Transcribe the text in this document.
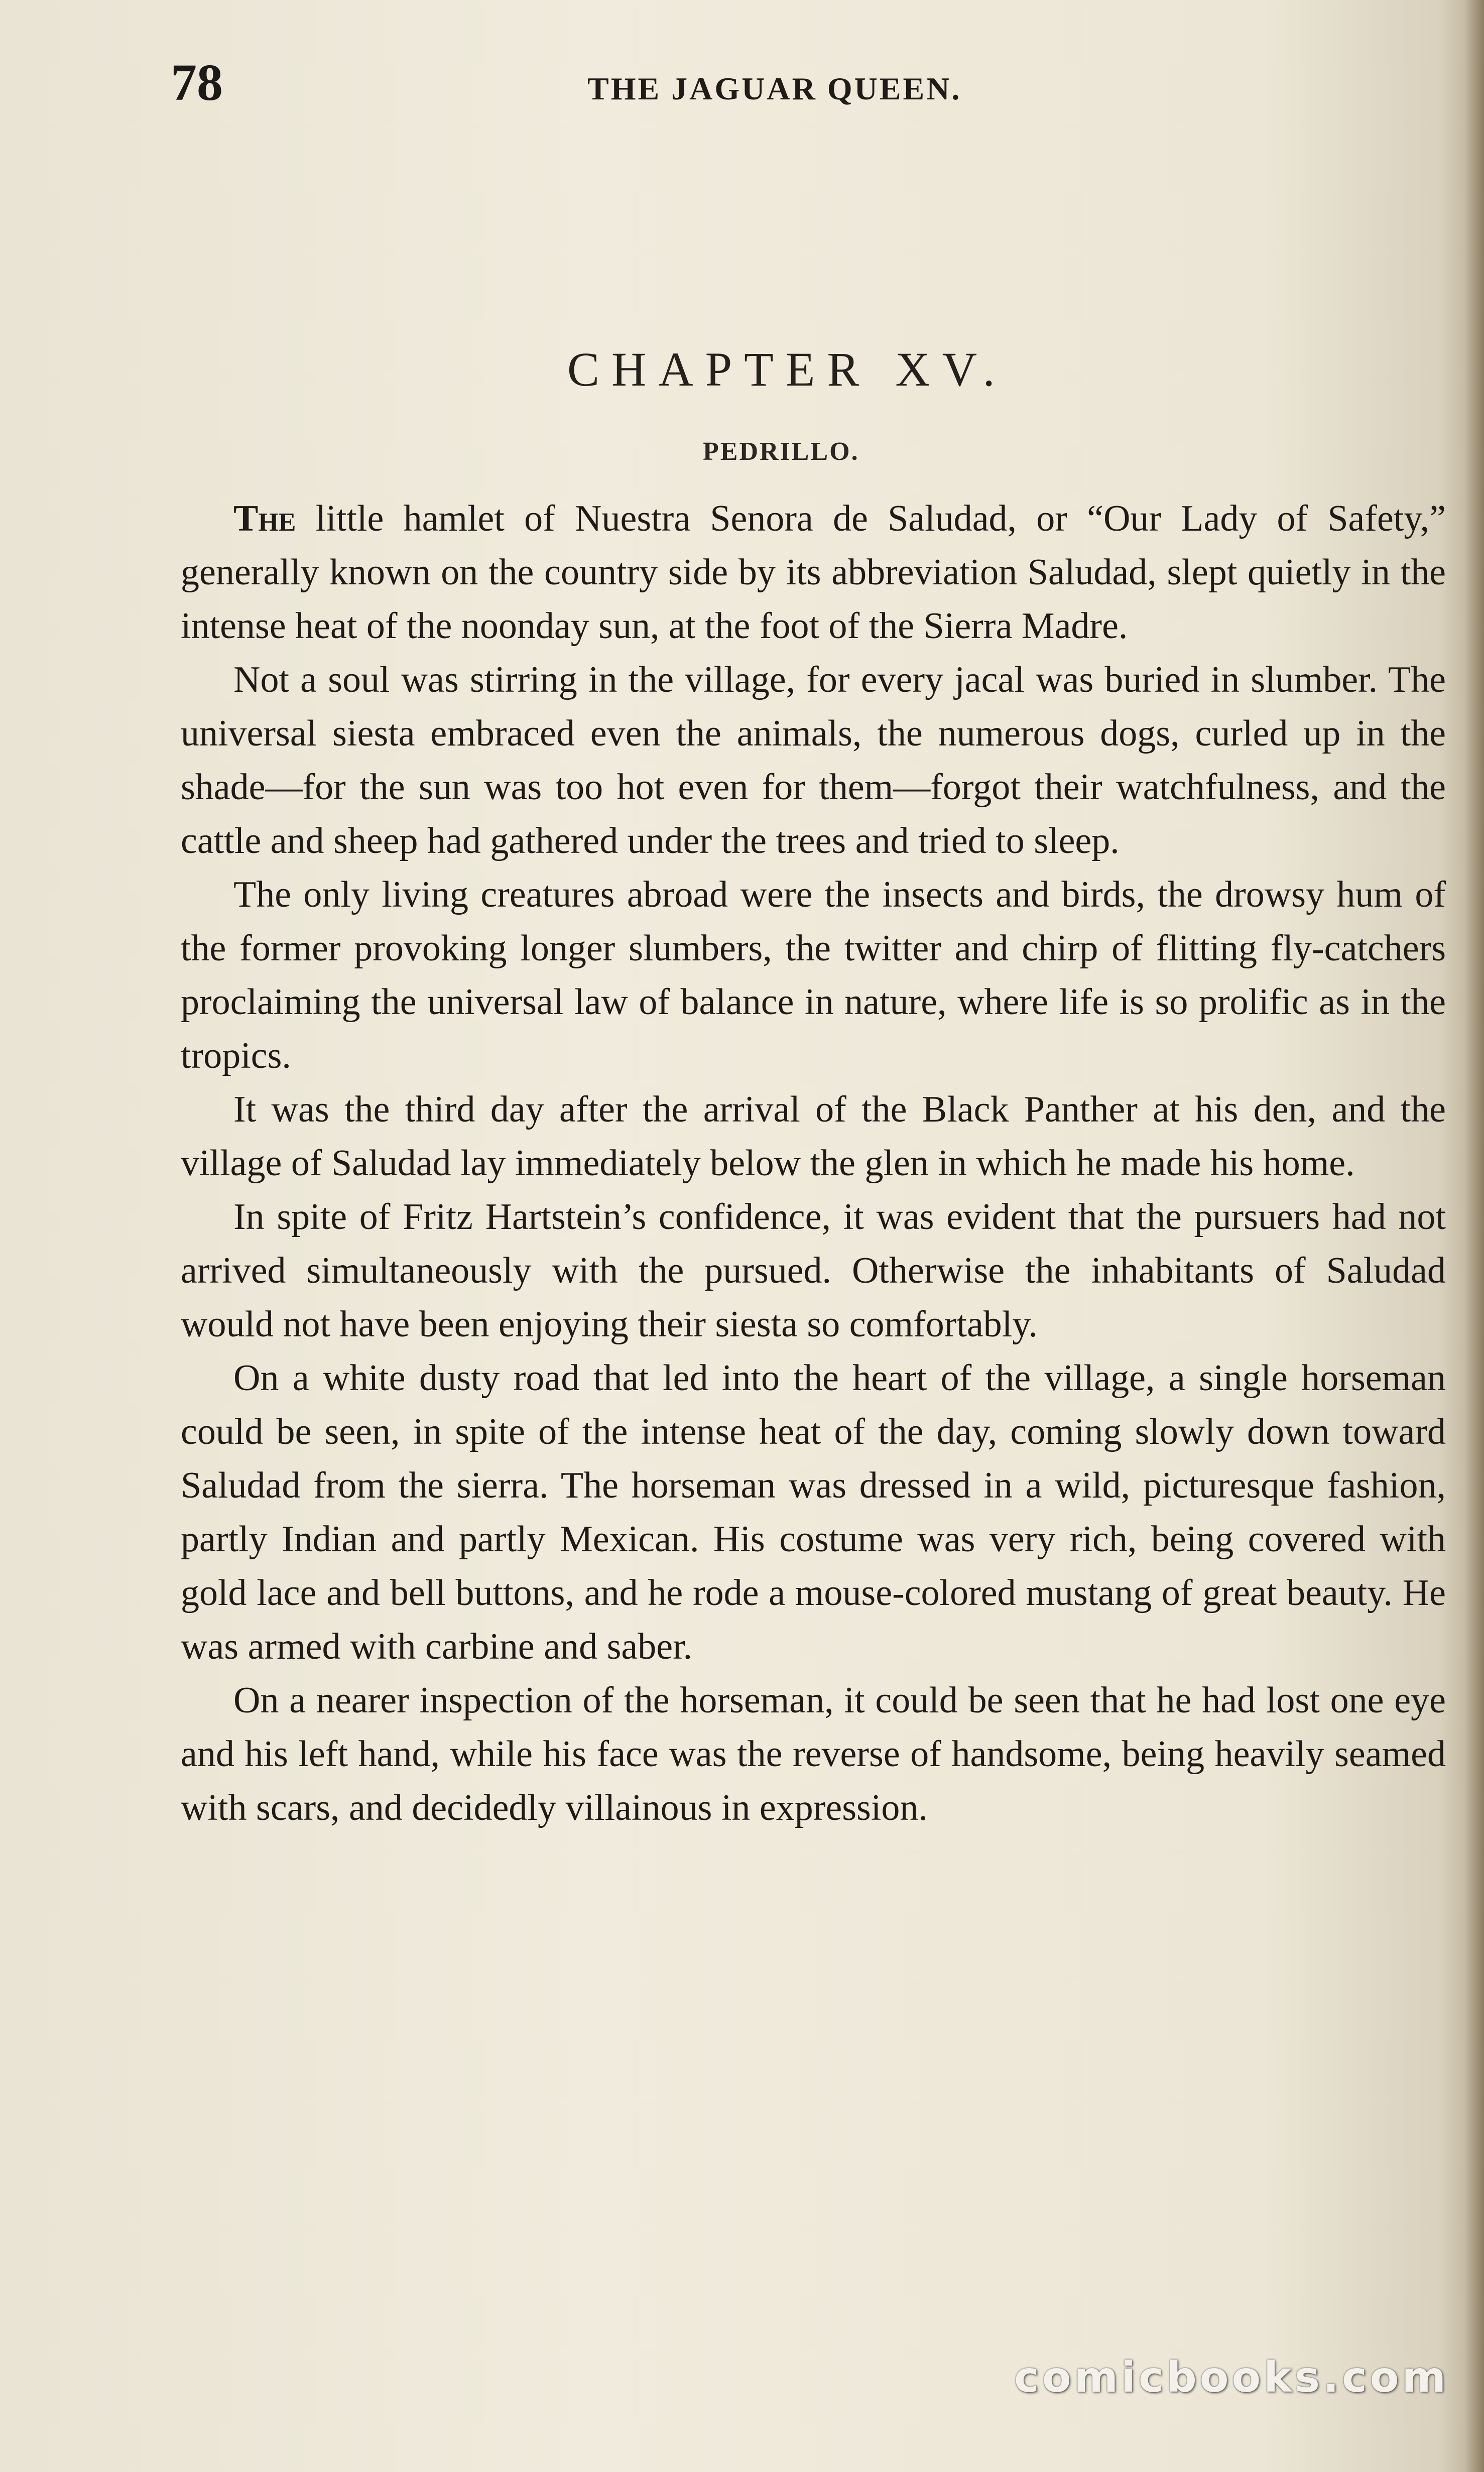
78	THE JAGUAR QUEEN.
CHAPTER XV.
PEDRILLO.

The little hamlet of Nuestra Senora de Saludad, or “Our Lady of Safety,” generally known on the country side by its abbreviation Saludad, slept quietly in the intense heat of the noonday sun, at the foot of the Sierra Madre.

Not a soul was stirring in the village, for every jacal was buried in slumber. The universal siesta embraced even the animals, the numerous dogs, curled up in the shade—for the sun was too hot even for them—forgot their watchfulness, and the cattle and sheep had gathered under the trees and tried to sleep.

The only living creatures abroad were the insects and birds, the drowsy hum of the former provoking longer slumbers, the twitter and chirp of flitting fly-catchers proclaiming the universal law of balance in nature, where life is so prolific as in the tropics.

It was the third day after the arrival of the Black Panther at his den, and the village of Saludad lay immediately below the glen in which he made his home.

In spite of Fritz Hartstein’s confidence, it was evident that the pursuers had not arrived simultaneously with the pursued. Otherwise the inhabitants of Saludad would not have been enjoying their siesta so comfortably.

On a white dusty road that led into the heart of the village, a single horseman could be seen, in spite of the intense heat of the day, coming slowly down toward Saludad from the sierra. The horseman was dressed in a wild, picturesque fashion, partly Indian and partly Mexican. His costume was very rich, being covered with gold lace and bell buttons, and he rode a mouse-colored mustang of great beauty. He was armed with carbine and saber.

On a nearer inspection of the horseman, it could be seen that he had lost one eye and his left hand, while his face was the reverse of handsome, being heavily seamed with scars, and decidedly villainous in expression.

comicbooks.com
